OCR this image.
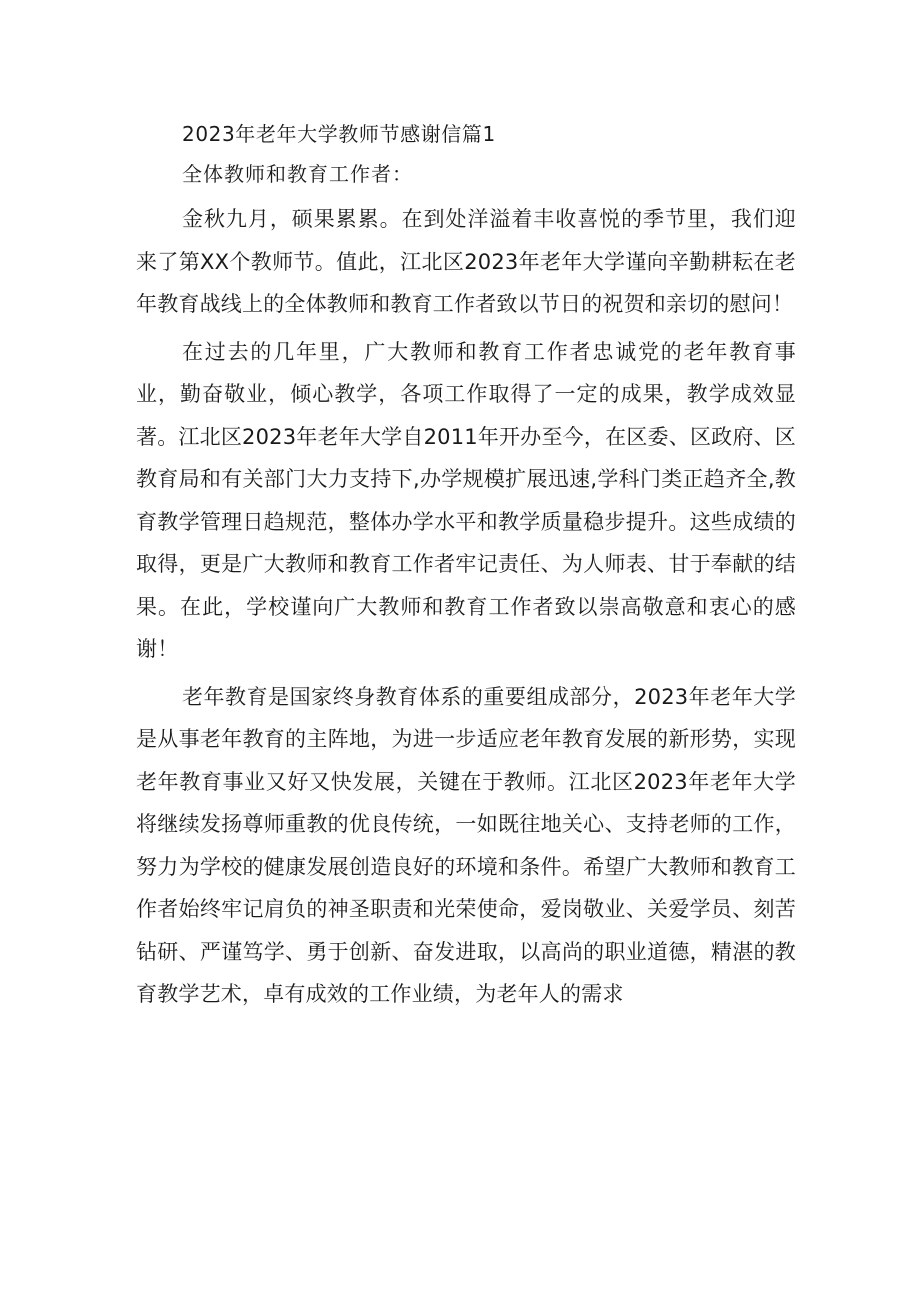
2023年老年大学教师节感谢信篇1
全体教师和教育工作者：

金秋九月，硕果累累。在到处洋溢着丰收喜悦的季节里，我们迎来了第XX个教师节。值此，江北区2023年老年大学谨向辛勤耕耘在老年教育战线上的全体教师和教育工作者致以节日的祝贺和亲切的慰问！

在过去的几年里，广大教师和教育工作者忠诚党的老年教育事业，勤奋敬业，倾心教学，各项工作取得了一定的成果，教学成效显著。江北区2023年老年大学自2011年开办至今，在区委、区政府、区教育局和有关部门大力支持下,办学规模扩展迅速,学科门类正趋齐全,教育教学管理日趋规范，整体办学水平和教学质量稳步提升。这些成绩的取得，更是广大教师和教育工作者牢记责任、为人师表、甘于奉献的结果。在此，学校谨向广大教师和教育工作者致以崇高敬意和衷心的感谢！

老年教育是国家终身教育体系的重要组成部分，2023年老年大学是从事老年教育的主阵地，为进一步适应老年教育发展的新形势，实现老年教育事业又好又快发展，关键在于教师。江北区2023年老年大学将继续发扬尊师重教的优良传统，一如既往地关心、支持老师的工作，努力为学校的健康发展创造良好的环境和条件。希望广大教师和教育工作者始终牢记肩负的神圣职责和光荣使命，爱岗敬业、关爱学员、刻苦钻研、严谨笃学、勇于创新、奋发进取，以高尚的职业道德，精湛的教育教学艺术，卓有成效的工作业绩，为老年人的需求
